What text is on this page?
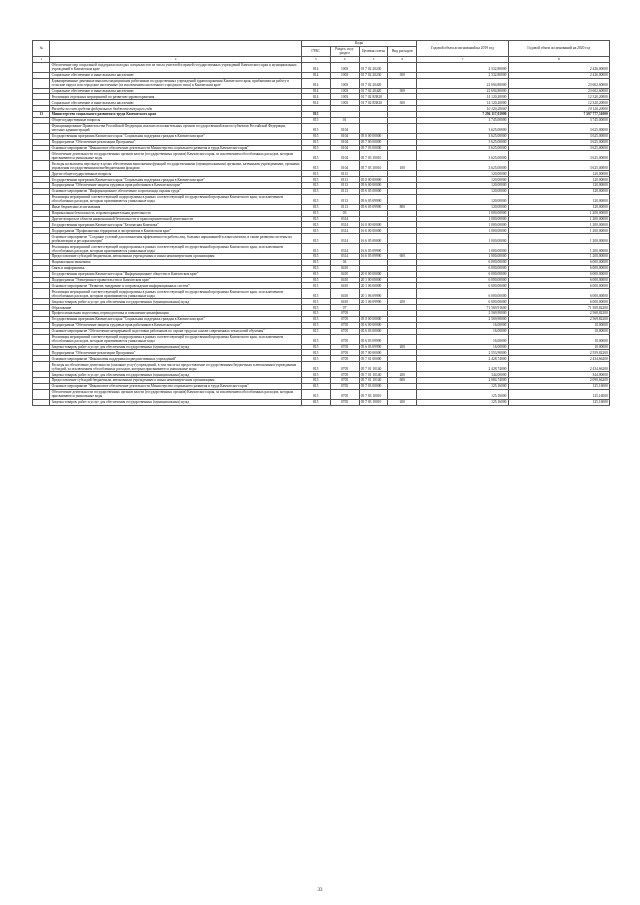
№		Коды				Годовой объем ассигнований на 2019 год	Годовой объем ассигнований на 2020 год
		ГРБС	Раздел, под- раздел	Целевая статья	Вид расходов		
1	2	3	4	5	6	7	8
	Обеспечение мер социальной поддержки молодых специалистов из числа учителей и врачей государственных учреждений Камчатского края и муниципальных учреждений в Камчатском крае	814	1003	01 7 02 20230		2 332,80000	2 426,00000
	Социальное обеспечение и иные выплаты населению	814	1003	01 7 02 20230	300	2 332,80000	2 426,00000
	Единовременные денежные выплаты медицинским работникам государственных учреждений здравоохранения Камчатского края, прибывшим на работу в сельские округа или городские населенные (за исключением населенного городского типа) в Камчатском крае	814	1003	01 7 02 20420		22 694,80000	23 602,60000
	Социальное обеспечение и иные выплаты населению	814	1003	01 7 02 20420	300	22 694,80000	23 602,60000
	Реализация отдельных мероприятий по развитию здравоохранения	814	1003	01 7 02 R3820		14 120,20000	12 320,20000
	Социальное обеспечение и иные выплаты населению	814	1003	01 7 02 R3820	300	14 120,20000	12 320,20000
	Расходы за счет средств федерального бюджета текущего года					10 120,20000	10 120,20000
13	Министерство социального развития и труда Камчатского края	815				7 294 117,01000	7 507 777,51000
	Общегосударственные вопросы	815	01			3 745,00000	3 745,00000
	Функционирование Правительства Российской Федерации, высших исполнительных органов государственной власти субъектов Российской Федерации, местных администраций	815	0104			3 625,00000	3 625,00000
	Государственная программа Камчатского края "Социальная поддержка граждан в Камчатском крае"	815	0104	05 0 00 00000		3 625,00000	3 625,00000
	Подпрограмма "Обеспечение реализации Программы"	815	0104	05 7 00 00000		3 625,00000	3 625,00000
	Основное мероприятие "Финансовое обеспечение деятельности Министерства социального развития и труда Камчатского края"	815	0104	05 7 03 00000		3 625,00000	3 625,00000
	Обеспечение деятельности государственных органов власти (государственных органов) Камчатского края, за исключением обособленных расходов, которым присваиваются уникальные коды	815	0104	05 7 03 10010		3 625,00000	3 625,00000
	Расходы на выплаты персоналу в целях обеспечения выполнения функций государственными (муниципальными) органами, казенными учреждениями, органами управления государственными внебюджетными фондами	815	0104	05 7 03 10010	100	3 625,00000	3 625,00000
	Другие общегосударственные вопросы	815	0113			120,00000	120,00000
	Государственная программа Камчатского края "Социальная поддержка граждан в Камчатском крае"	815	0113	05 0 00 00000		120,00000	120,00000
	Подпрограмма "Обеспечение защиты трудовых прав работников в Камчатском крае"	815	0113	05 6 00 00000		120,00000	120,00000
	Основное мероприятие "Информационное обеспечение и пропаганда охраны труда"	815	0113	05 6 05 00000		120,00000	120,00000
	Реализация мероприятий соответствующей подпрограммы в рамках соответствующей государственной программы Камчатского края, за исключением обособленных расходов, которым присваиваются уникальные коды	815	0113	05 6 05 09990		120,00000	120,00000
	Иные бюджетные ассигнования	815	0113	05 6 05 09990	800	120,00000	120,00000
	Национальная безопасность и правоохранительная деятельность	815	03			1 000,00000	1 200,00000
	Другие вопросы в области национальной безопасности и правоохранительной деятельности	815	0314			1 000,00000	1 200,00000
	Государственная программа Камчатского края "Безопасная Камчатка"	815	0314	16 0 00 00000		1 000,00000	1 200,00000
	Подпрограмма "Профилактика терроризма и экстремизма в Камчатском крае"	815	0314	16 6 00 00000		1 000,00000	1 200,00000
	Основное мероприятие "Создание условий для повышения эффективности работы лиц, больных наркоманией и алкоголизмом, в также развития системы их реабилитации и ресоциализации"	815	0314	16 6 05 00000		1 000,00000	1 200,00000
	Реализация мероприятий соответствующей подпрограммы в рамках соответствующей государственной программы Камчатского края, за исключением обособленных расходов, которым присваиваются уникальные коды	815	0314	16 6 05 09990		1 000,00000	1 200,00000
	Предоставление субсидий бюджетным, автономным учреждениям и иным некоммерческим организациям	815	0314	16 6 05 09990	600	1 000,00000	1 200,00000
	Национальная экономика	815	04			6 000,00000	6 000,00000
	Связь и информатика	815	0410			6 000,00000	6 000,00000
	Государственная программа Камчатского края "Информационное общество в Камчатском крае"	815	0410	20 0 00 00000		6 000,00000	6 000,00000
	Подпрограмма "Электронное правительство в Камчатском крае"	815	0410	20 1 00 00000		6 000,00000	6 000,00000
	Основное мероприятие "Развитие, внедрение и сопровождение информационных систем"	815	0410	20 1 06 00000		6 000,00000	6 000,00000
	Реализация мероприятий соответствующей подпрограммы в рамках соответствующей государственной программы Камчатского края, за исключением обособленных расходов, которым присваиваются уникальные коды	815	0410	20 1 06 09990		6 000,00000	6 000,00000
	Закупка товаров, работ и услуг для обеспечения государственных (муниципальных) нужд	815	0410	20 1 06 09990	200	6 000,00000	6 000,00000
	Образование	815	07			71 569,91600	71 569,82200
	Профессиональная подготовка, переподготовка и повышение квалификации	815	0705			2 569,90000	2 568,82200
	Государственная программа Камчатского края "Социальная поддержка граждан в Камчатском крае"	815	0705	05 0 00 00000		2 569,90000	2 569,82200
	Подпрограмма "Обеспечение защиты трудовых прав работников в Камчатском крае"	815	0705	05 6 00 00000		16,00000	10,00000
	Основное мероприятие "Обеспечение непрерывной подготовки работников по охране труда на основе современных технологий обучения"	815	0705	05 6 03 00000		16,00000	10,00000
	Реализация мероприятий соответствующей подпрограммы в рамках соответствующей государственной программы Камчатского края, за исключением обособленных расходов, которым присваиваются уникальные коды	815	0705	05 6 03 09990		16,00000	10,00000
	Закупка товаров, работ и услуг для обеспечения государственных (муниципальных) нужд	815	0705	05 6 03 09990	200	16,00000	10,00000
	Подпрограмма "Обеспечение реализации Программы"	815	0705	05 7 00 00000		2 553,90000	2 559,82200
	Основное мероприятие "Финансовая поддержка подведомственных учреждений"	815	0705	05 7 01 00000		2 428,74000	2 434,66200
	Расходы на обеспечение деятельности (оказание услуг) учреждений, в том числе на предоставление государственным бюджетным и автономным учреждениям субсидий, за исключением обособленных расходов, которым присваиваются уникальные коды	815	0705	05 7 01 10140		2 428,74000	2 434,66200
	Закупка товаров, работ и услуг для обеспечения государственных (муниципальных) нужд	815	0705	05 7 01 10140	200	344,00000	344,00000
	Предоставление субсидий бюджетным, автономным учреждениям и иным некоммерческим организациям	815	0705	05 7 01 10140	600	2 084,74000	2 090,66200
	Основное мероприятие "Финансовое обеспечение деятельности Министерства социального развития и труда Камчатского края"	815	0705	05 7 03 00000		125,16000	125,16000
	Обеспечение деятельности государственных органов власти (государственных органов) Камчатского края, за исключением обособленных расходов, которым присваиваются уникальные коды	815	0705	05 7 03 10010		125,16000	125,16000
	Закупка товаров, работ и услуг для обеспечения государственных (муниципальных) нужд	815	0705	05 7 03 10010	200	125,16000	125,16000
33
